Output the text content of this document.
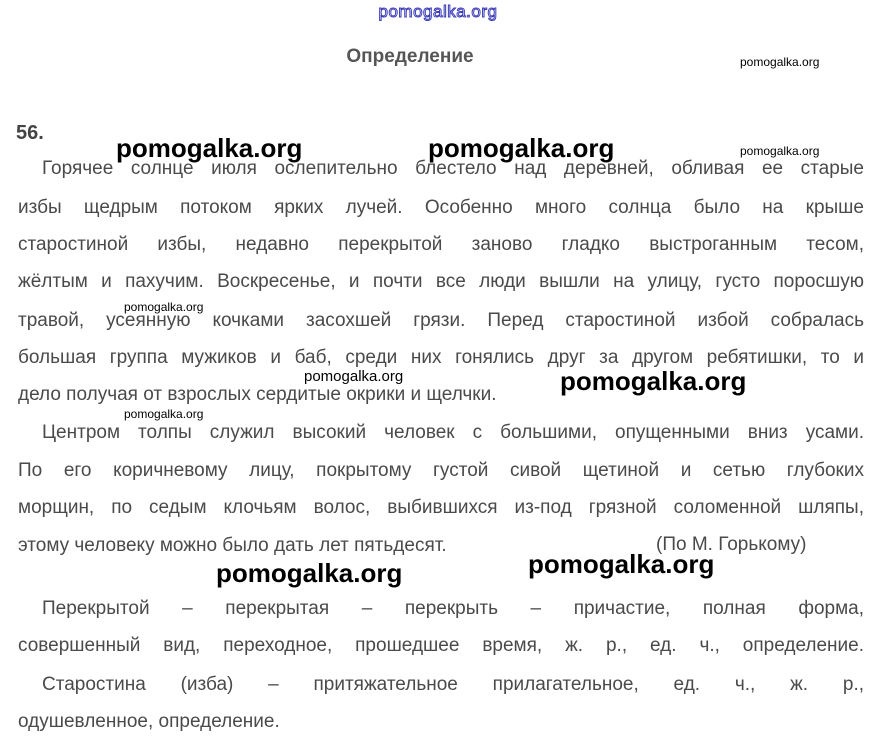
pomogalka.org
Определение
56.
Горячее солнце июля ослепительно блестело над деревней, обливая ее старые
избы щедрым потоком ярких лучей. Особенно много солнца было на крыше
старостиной избы, недавно перекрытой заново гладко выстроганным тесом,
жёлтым и пахучим. Воскресенье, и почти все люди вышли на улицу, густо поросшую
травой, усеянную кочками засохшей грязи. Перед старостиной избой собралась
большая группа мужиков и баб, среди них гонялись друг за другом ребятишки, то и
дело получая от взрослых сердитые окрики и щелчки.
Центром толпы служил высокий человек с большими, опущенными вниз усами.
По его коричневому лицу, покрытому густой сивой щетиной и сетью глубоких
морщин, по седым клочьям волос, выбившихся из-под грязной соломенной шляпы,
этому человеку можно было дать лет пятьдесят.	(По М. Горькому)
Перекрытой – перекрытая – перекрыть – причастие, полная форма,
совершенный вид, переходное, прошедшее время, ж. р., ед. ч., определение.
Старостина (изба) – притяжательное прилагательное, ед. ч., ж. р.,
одушевленное, определение.
pomogalka.org	pomogalka.org
pomogalka.org
pomogalka.org	pomogalka.org
pomogalka.org
pomogalka.org
pomogalka.org
pomogalka.org
pomogalka.org
